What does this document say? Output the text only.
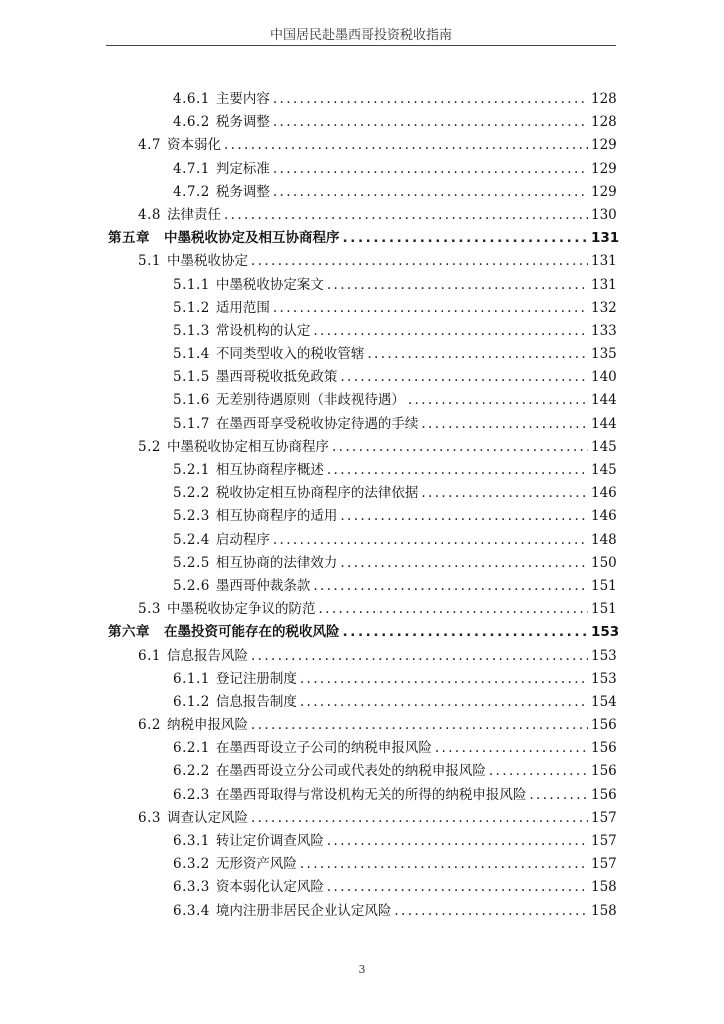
中国居民赴墨西哥投资税收指南
4.6.1 主要内容 .....	128
4.6.2 税务调整 .....	128
4.7 资本弱化 .....	129
4.7.1 判定标准 .....	129
4.7.2 税务调整 .....	129
4.8 法律责任 .....	130
第五章 中墨税收协定及相互协商程序 .....	131
5.1 中墨税收协定 .....	131
5.1.1 中墨税收协定案文 .....	131
5.1.2 适用范围 .....	132
5.1.3 常设机构的认定 .....	133
5.1.4 不同类型收入的税收管辖 .....	135
5.1.5 墨西哥税收抵免政策 .....	140
5.1.6 无差别待遇原则（非歧视待遇） .....	144
5.1.7 在墨西哥享受税收协定待遇的手续 .....	144
5.2 中墨税收协定相互协商程序 .....	145
5.2.1 相互协商程序概述 .....	145
5.2.2 税收协定相互协商程序的法律依据 .....	146
5.2.3 相互协商程序的适用 .....	146
5.2.4 启动程序 .....	148
5.2.5 相互协商的法律效力 .....	150
5.2.6 墨西哥仲裁条款 .....	151
5.3 中墨税收协定争议的防范 .....	151
第六章 在墨投资可能存在的税收风险 .....	153
6.1 信息报告风险 .....	153
6.1.1 登记注册制度 .....	153
6.1.2 信息报告制度 .....	154
6.2 纳税申报风险 .....	156
6.2.1 在墨西哥设立子公司的纳税申报风险 .....	156
6.2.2 在墨西哥设立分公司或代表处的纳税申报风险 .....	156
6.2.3 在墨西哥取得与常设机构无关的所得的纳税申报风险 .....	156
6.3 调查认定风险 .....	157
6.3.1 转让定价调查风险 .....	157
6.3.2 无形资产风险 .....	157
6.3.3 资本弱化认定风险 .....	158
6.3.4 境内注册非居民企业认定风险 .....	158
3
